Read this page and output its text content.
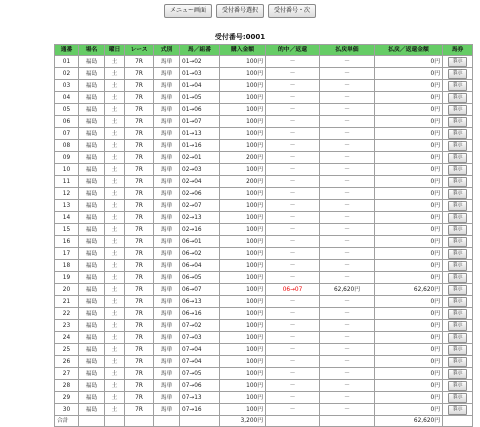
メニュー画面	受付番号選択	受付番号・次
受付番号:0001
通番	場名	曜日	レース	式別	馬／組番	購入金額	的中／返還	払戻単価	払戻／返還金額	馬券
01	福島	土	7R	馬単	01→02	100円	－	－	0円	表示
02	福島	土	7R	馬単	01→03	100円	－	－	0円	表示
03	福島	土	7R	馬単	01→04	100円	－	－	0円	表示
04	福島	土	7R	馬単	01→05	100円	－	－	0円	表示
05	福島	土	7R	馬単	01→06	100円	－	－	0円	表示
06	福島	土	7R	馬単	01→07	100円	－	－	0円	表示
07	福島	土	7R	馬単	01→13	100円	－	－	0円	表示
08	福島	土	7R	馬単	01→16	100円	－	－	0円	表示
09	福島	土	7R	馬単	02→01	200円	－	－	0円	表示
10	福島	土	7R	馬単	02→03	100円	－	－	0円	表示
11	福島	土	7R	馬単	02→04	200円	－	－	0円	表示
12	福島	土	7R	馬単	02→06	100円	－	－	0円	表示
13	福島	土	7R	馬単	02→07	100円	－	－	0円	表示
14	福島	土	7R	馬単	02→13	100円	－	－	0円	表示
15	福島	土	7R	馬単	02→16	100円	－	－	0円	表示
16	福島	土	7R	馬単	06→01	100円	－	－	0円	表示
17	福島	土	7R	馬単	06→02	100円	－	－	0円	表示
18	福島	土	7R	馬単	06→04	100円	－	－	0円	表示
19	福島	土	7R	馬単	06→05	100円	－	－	0円	表示
20	福島	土	7R	馬単	06→07	100円	06→07	62,620円	62,620円	表示
21	福島	土	7R	馬単	06→13	100円	－	－	0円	表示
22	福島	土	7R	馬単	06→16	100円	－	－	0円	表示
23	福島	土	7R	馬単	07→02	100円	－	－	0円	表示
24	福島	土	7R	馬単	07→03	100円	－	－	0円	表示
25	福島	土	7R	馬単	07→04	100円	－	－	0円	表示
26	福島	土	7R	馬単	07→04	100円	－	－	0円	表示
27	福島	土	7R	馬単	07→05	100円	－	－	0円	表示
28	福島	土	7R	馬単	07→06	100円	－	－	0円	表示
29	福島	土	7R	馬単	07→13	100円	－	－	0円	表示
30	福島	土	7R	馬単	07→16	100円	－	－	0円	表示
合計						3,200円			62,620円	
